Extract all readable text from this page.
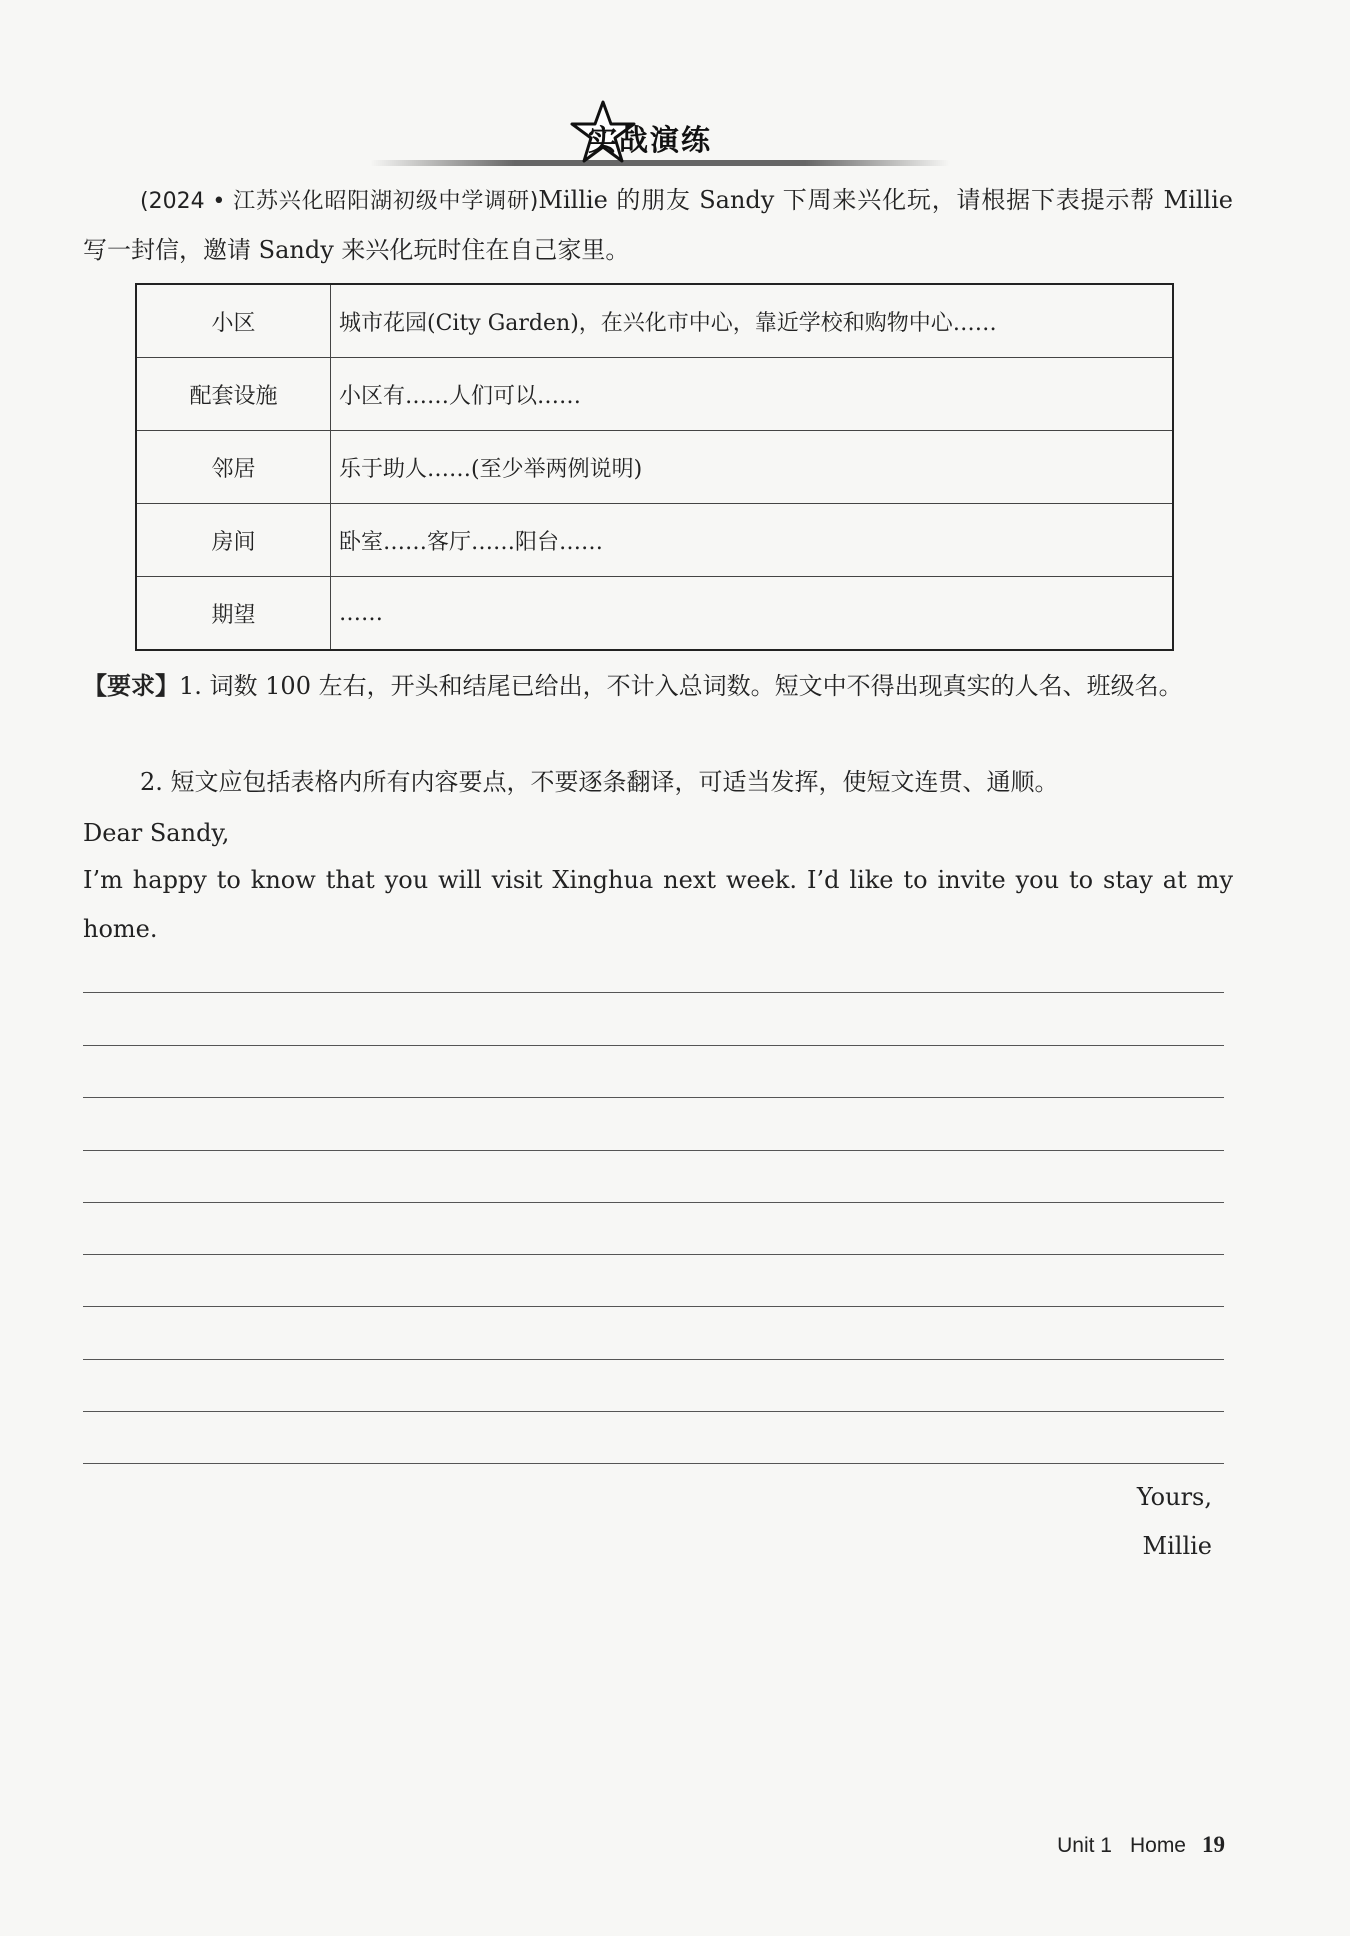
实战演练
(2024 • 江苏兴化昭阳湖初级中学调研)Millie 的朋友 Sandy 下周来兴化玩，请根据下表提示帮 Millie 写一封信，邀请 Sandy 来兴化玩时住在自己家里。
小区	城市花园(City Garden)，在兴化市中心，靠近学校和购物中心……
配套设施	小区有……人们可以……
邻居	乐于助人……(至少举两例说明)
房间	卧室……客厅……阳台……
期望	……
【要求】1. 词数 100 左右，开头和结尾已给出，不计入总词数。短文中不得出现真实的人名、班级名。
2. 短文应包括表格内所有内容要点，不要逐条翻译，可适当发挥，使短文连贯、通顺。
Dear Sandy,
I’m happy to know that you will visit Xinghua next week. I’d like to invite you to stay at my home.
Yours,
Millie
Unit 1 Home 19
